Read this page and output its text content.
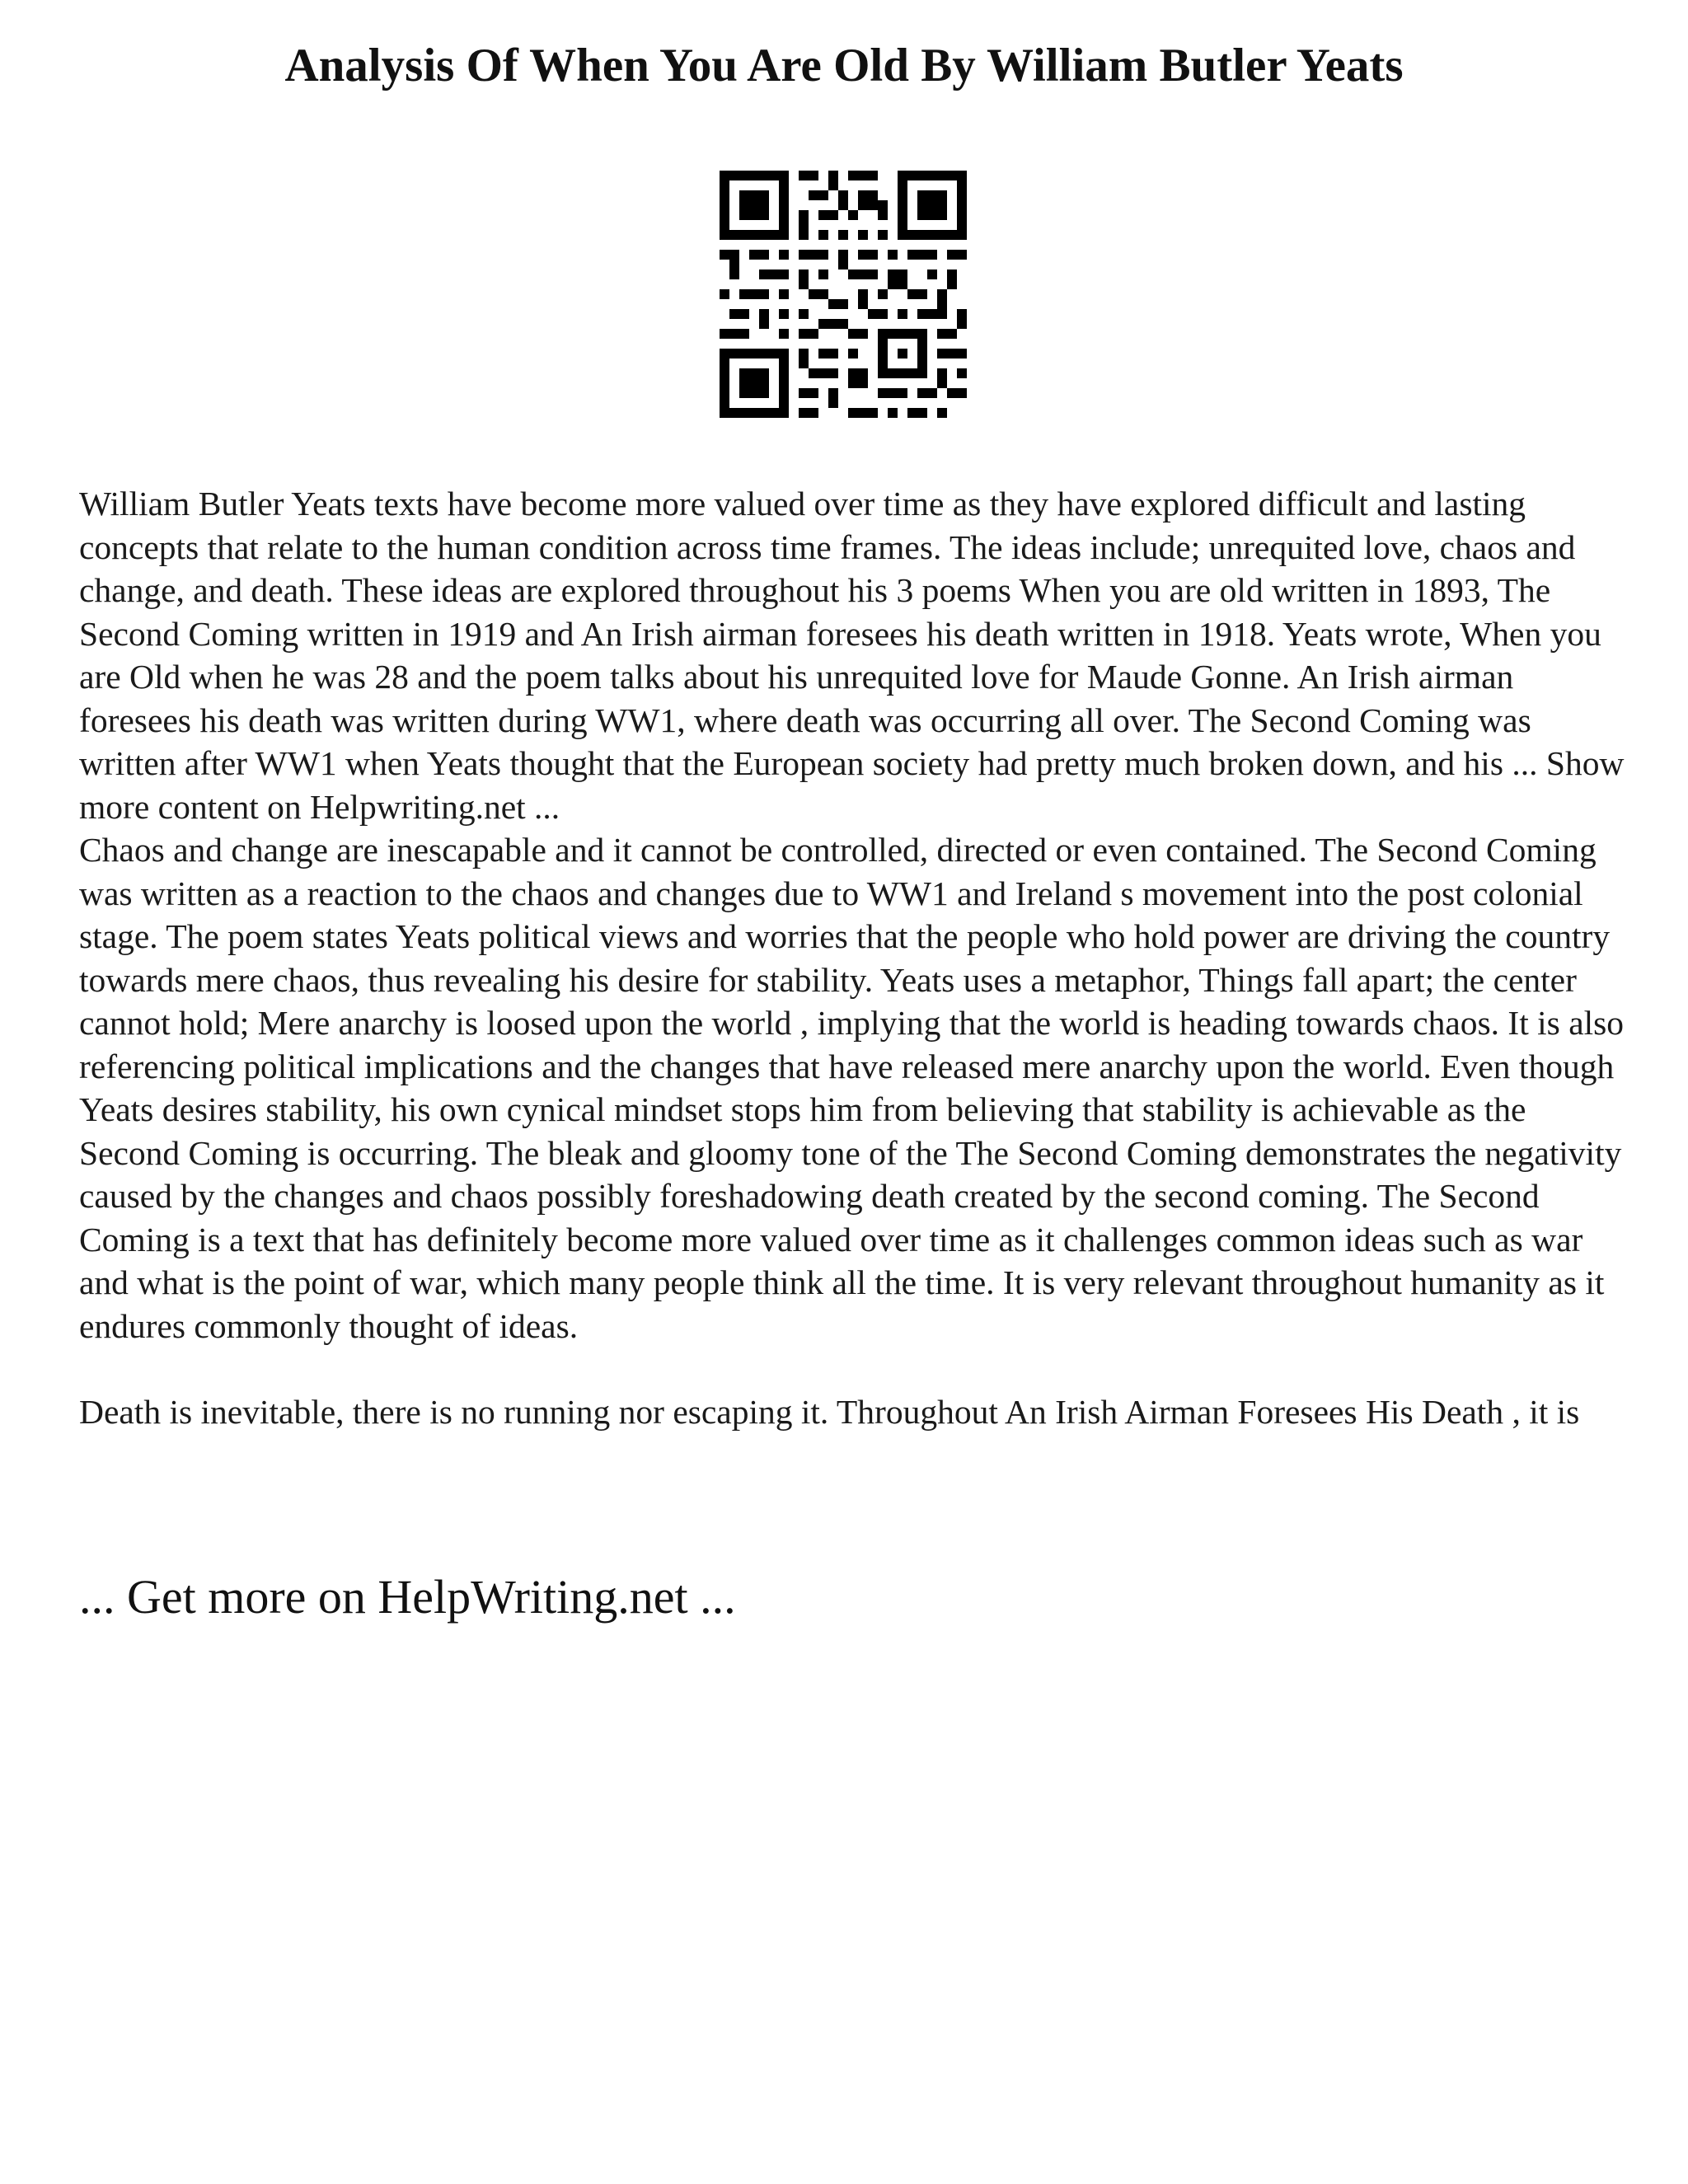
Analysis Of When You Are Old By William Butler Yeats

William Butler Yeats texts have become more valued over time as they have explored difficult and lasting concepts that relate to the human condition across time frames. The ideas include; unrequited love, chaos and change, and death. These ideas are explored throughout his 3 poems When you are old written in 1893, The Second Coming written in 1919 and An Irish airman foresees his death written in 1918. Yeats wrote, When you are Old when he was 28 and the poem talks about his unrequited love for Maude Gonne. An Irish airman foresees his death was written during WW1, where death was occurring all over. The Second Coming was written after WW1 when Yeats thought that the European society had pretty much broken down, and his ... Show more content on Helpwriting.net ...

Chaos and change are inescapable and it cannot be controlled, directed or even contained. The Second Coming was written as a reaction to the chaos and changes due to WW1 and Ireland s movement into the post colonial stage. The poem states Yeats political views and worries that the people who hold power are driving the country towards mere chaos, thus revealing his desire for stability. Yeats uses a metaphor, Things fall apart; the center cannot hold; Mere anarchy is loosed upon the world , implying that the world is heading towards chaos. It is also referencing political implications and the changes that have released mere anarchy upon the world. Even though Yeats desires stability, his own cynical mindset stops him from believing that stability is achievable as the Second Coming is occurring. The bleak and gloomy tone of the The Second Coming demonstrates the negativity caused by the changes and chaos possibly foreshadowing death created by the second coming. The Second Coming is a text that has definitely become more valued over time as it challenges common ideas such as war and what is the point of war, which many people think all the time. It is very relevant throughout humanity as it endures commonly thought of ideas.

Death is inevitable, there is no running nor escaping it. Throughout An Irish Airman Foresees His Death , it is

... Get more on HelpWriting.net ...
